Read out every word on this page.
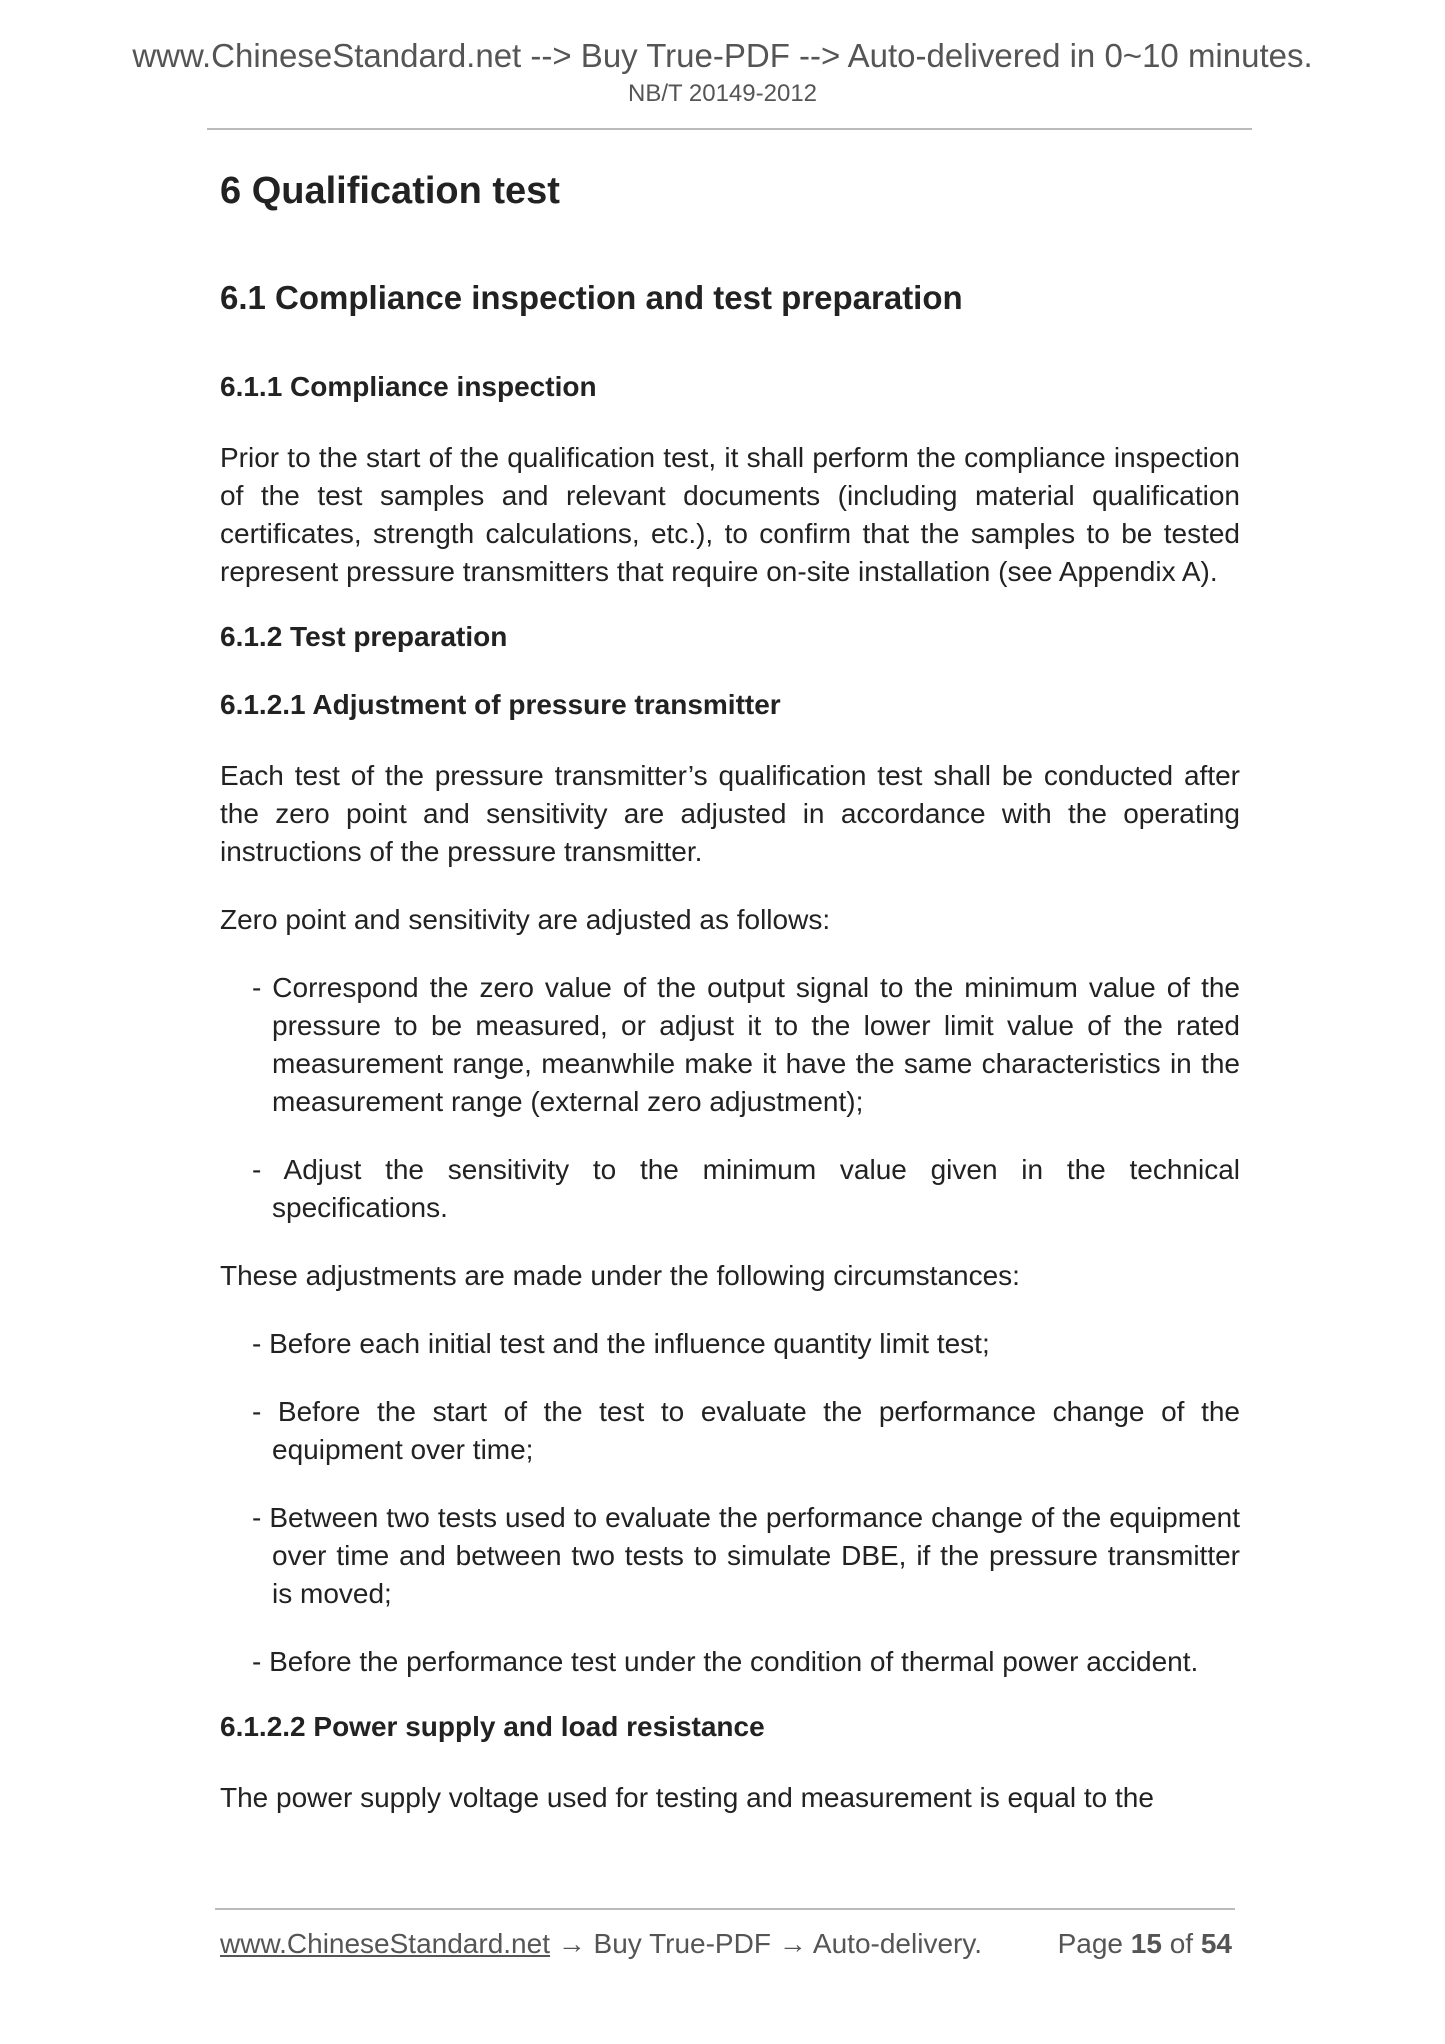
www.ChineseStandard.net --> Buy True-PDF --> Auto-delivered in 0~10 minutes.
NB/T 20149-2012
6 Qualification test
6.1 Compliance inspection and test preparation
6.1.1 Compliance inspection

Prior to the start of the qualification test, it shall perform the compliance inspection of the test samples and relevant documents (including material qualification certificates, strength calculations, etc.), to confirm that the samples to be tested represent pressure transmitters that require on-site installation (see Appendix A).

6.1.2 Test preparation
6.1.2.1 Adjustment of pressure transmitter

Each test of the pressure transmitter’s qualification test shall be conducted after the zero point and sensitivity are adjusted in accordance with the operating instructions of the pressure transmitter.

Zero point and sensitivity are adjusted as follows:

- Correspond the zero value of the output signal to the minimum value of the pressure to be measured, or adjust it to the lower limit value of the rated measurement range, meanwhile make it have the same characteristics in the measurement range (external zero adjustment);
- Adjust the sensitivity to the minimum value given in the technical specifications.

These adjustments are made under the following circumstances:

- Before each initial test and the influence quantity limit test;
- Before the start of the test to evaluate the performance change of the equipment over time;
- Between two tests used to evaluate the performance change of the equipment over time and between two tests to simulate DBE, if the pressure transmitter is moved;
- Before the performance test under the condition of thermal power accident.
6.1.2.2 Power supply and load resistance

The power supply voltage used for testing and measurement is equal to the

www.ChineseStandard.net → Buy True-PDF → Auto-delivery.	Page 15 of 54
